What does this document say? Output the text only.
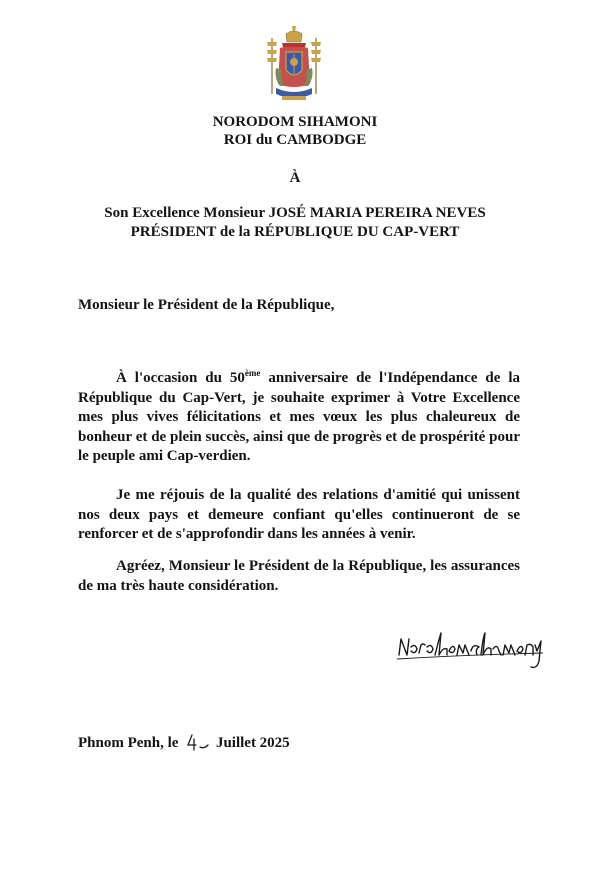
NORODOM SIHAMONI
ROI du CAMBODGE
À
Son Excellence Monsieur JOSÉ MARIA PEREIRA NEVES
PRÉSIDENT de la RÉPUBLIQUE DU CAP-VERT
Monsieur le Président de la République,
À l'occasion du 50ème anniversaire de l'Indépendance de la République du Cap-Vert, je souhaite exprimer à Votre Excellence mes plus vives félicitations et mes vœux les plus chaleureux de bonheur et de plein succès, ainsi que de progrès et de prospérité pour le peuple ami Cap-verdien.
Je me réjouis de la qualité des relations d'amitié qui unissent nos deux pays et demeure confiant qu'elles continueront de se renforcer et de s'approfondir dans les années à venir.
Agréez, Monsieur le Président de la République, les assurances de ma très haute considération.
Phnom Penh, le	Juillet 2025
